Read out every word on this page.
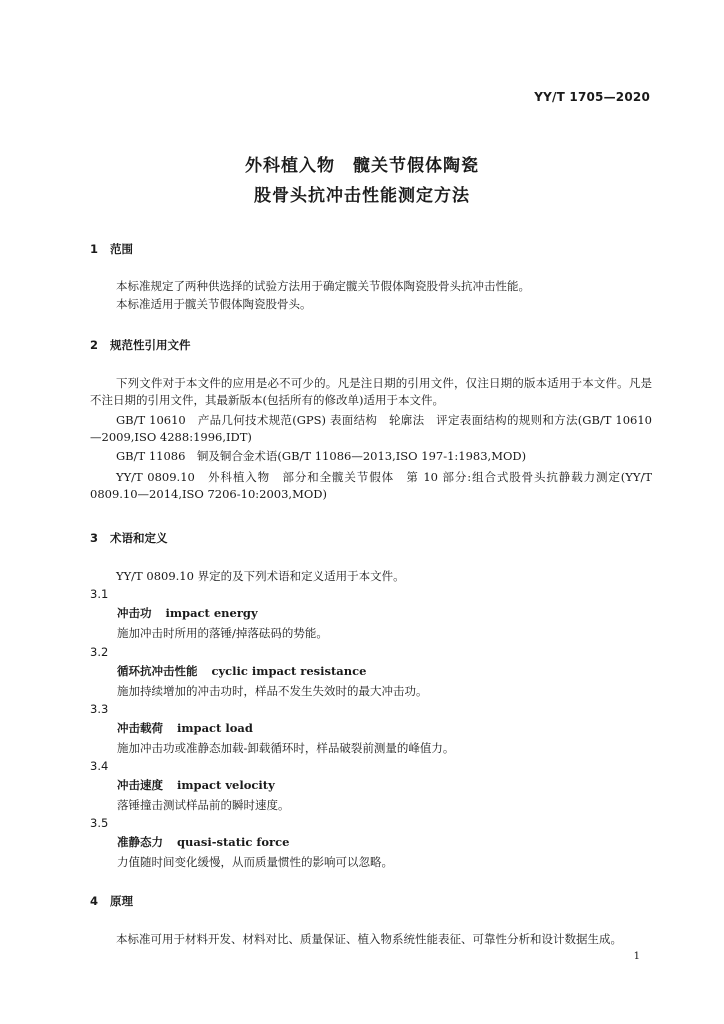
YY/T 1705—2020
外科植入物　髋关节假体陶瓷
股骨头抗冲击性能测定方法
1 范围
本标准规定了两种供选择的试验方法用于确定髋关节假体陶瓷股骨头抗冲击性能。
本标准适用于髋关节假体陶瓷股骨头。
2 规范性引用文件
下列文件对于本文件的应用是必不可少的。凡是注日期的引用文件，仅注日期的版本适用于本文件。凡是不注日期的引用文件，其最新版本(包括所有的修改单)适用于本文件。
GB/T 10610　产品几何技术规范(GPS) 表面结构　轮廓法　评定表面结构的规则和方法(GB/T 10610—2009,ISO 4288:1996,IDT)
GB/T 11086　铜及铜合金术语(GB/T 11086—2013,ISO 197-1:1983,MOD)
YY/T 0809.10　外科植入物　部分和全髋关节假体　第 10 部分:组合式股骨头抗静载力测定(YY/T 0809.10—2014,ISO 7206-10:2003,MOD)
3 术语和定义
YY/T 0809.10 界定的及下列术语和定义适用于本文件。
3.1
冲击功 impact energy
施加冲击时所用的落锤/掉落砝码的势能。
3.2
循环抗冲击性能 cyclic impact resistance
施加持续增加的冲击功时，样品不发生失效时的最大冲击功。
3.3
冲击载荷 impact load
施加冲击功或准静态加载-卸载循环时，样品破裂前测量的峰值力。
3.4
冲击速度 impact velocity
落锤撞击测试样品前的瞬时速度。
3.5
准静态力 quasi-static force
力值随时间变化缓慢，从而质量惯性的影响可以忽略。
4 原理
本标准可用于材料开发、材料对比、质量保证、植入物系统性能表征、可靠性分析和设计数据生成。
1
